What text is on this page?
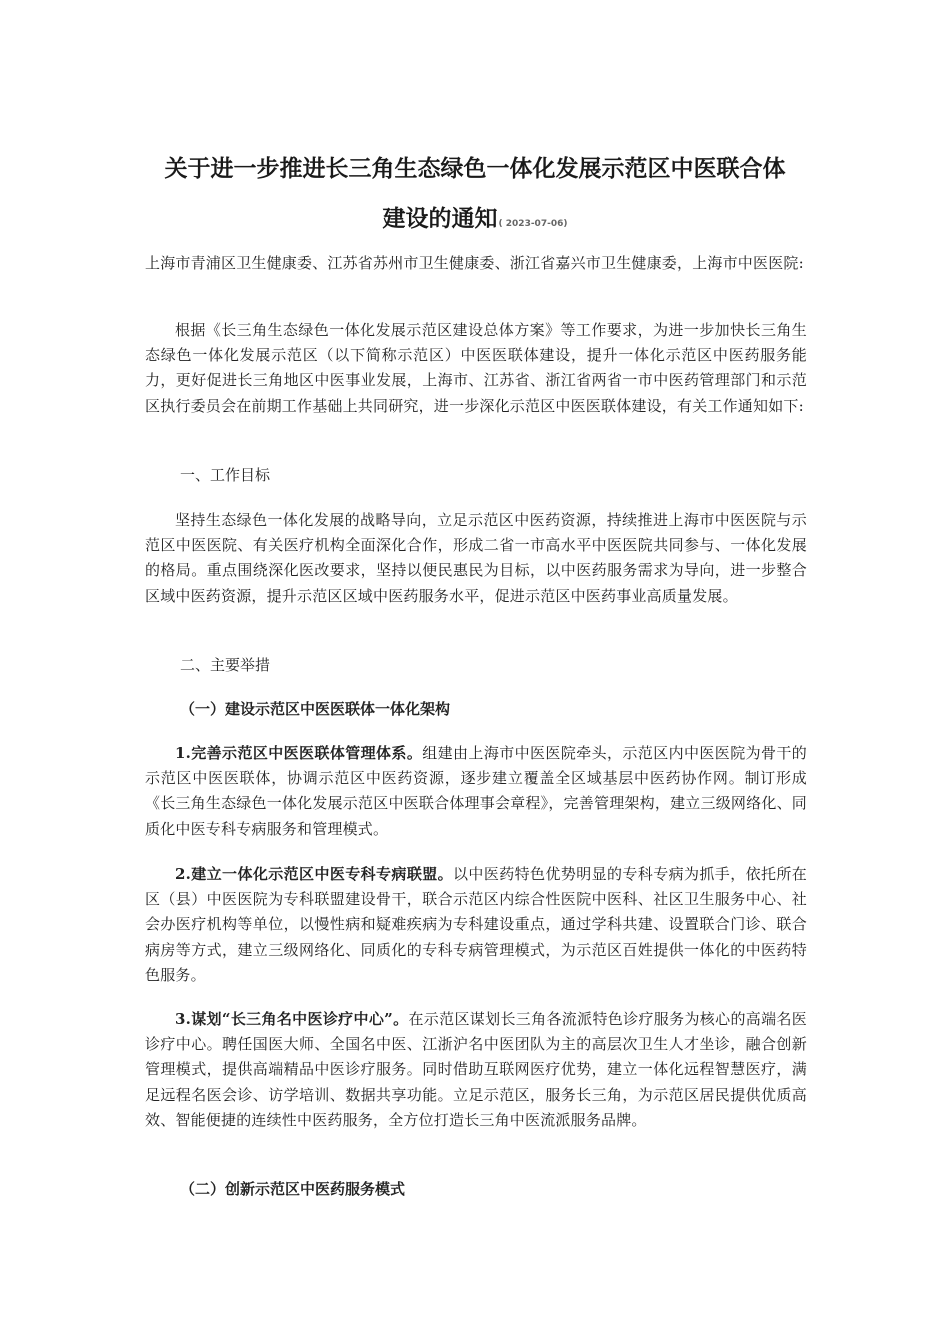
关于进一步推进长三角生态绿色一体化发展示范区中医联合体
建设的通知( 2023-07-06)

上海市青浦区卫生健康委、江苏省苏州市卫生健康委、浙江省嘉兴市卫生健康委，上海市中医医院:

根据《长三角生态绿色一体化发展示范区建设总体方案》等工作要求，为进一步加快长三角生态绿色一体化发展示范区（以下简称示范区）中医医联体建设，提升一体化示范区中医药服务能力，更好促进长三角地区中医事业发展，上海市、江苏省、浙江省两省一市中医药管理部门和示范区执行委员会在前期工作基础上共同研究，进一步深化示范区中医医联体建设，有关工作通知如下:

一、工作目标

坚持生态绿色一体化发展的战略导向，立足示范区中医药资源，持续推进上海市中医医院与示范区中医医院、有关医疗机构全面深化合作，形成二省一市高水平中医医院共同参与、一体化发展的格局。重点围绕深化医改要求，坚持以便民惠民为目标，以中医药服务需求为导向，进一步整合区域中医药资源，提升示范区区域中医药服务水平，促进示范区中医药事业高质量发展。

二、主要举措

（一）建设示范区中医医联体一体化架构

1.完善示范区中医医联体管理体系。组建由上海市中医医院牵头，示范区内中医医院为骨干的示范区中医医联体，协调示范区中医药资源，逐步建立覆盖全区域基层中医药协作网。制订形成《长三角生态绿色一体化发展示范区中医联合体理事会章程》，完善管理架构，建立三级网络化、同质化中医专科专病服务和管理模式。

2.建立一体化示范区中医专科专病联盟。以中医药特色优势明显的专科专病为抓手，依托所在区（县）中医医院为专科联盟建设骨干，联合示范区内综合性医院中医科、社区卫生服务中心、社会办医疗机构等单位，以慢性病和疑难疾病为专科建设重点，通过学科共建、设置联合门诊、联合病房等方式，建立三级网络化、同质化的专科专病管理模式，为示范区百姓提供一体化的中医药特色服务。

3.谋划“长三角名中医诊疗中心”。在示范区谋划长三角各流派特色诊疗服务为核心的高端名医诊疗中心。聘任国医大师、全国名中医、江浙沪名中医团队为主的高层次卫生人才坐诊，融合创新管理模式，提供高端精品中医诊疗服务。同时借助互联网医疗优势，建立一体化远程智慧医疗，满足远程名医会诊、访学培训、数据共享功能。立足示范区，服务长三角，为示范区居民提供优质高效、智能便捷的连续性中医药服务，全方位打造长三角中医流派服务品牌。

（二）创新示范区中医药服务模式
